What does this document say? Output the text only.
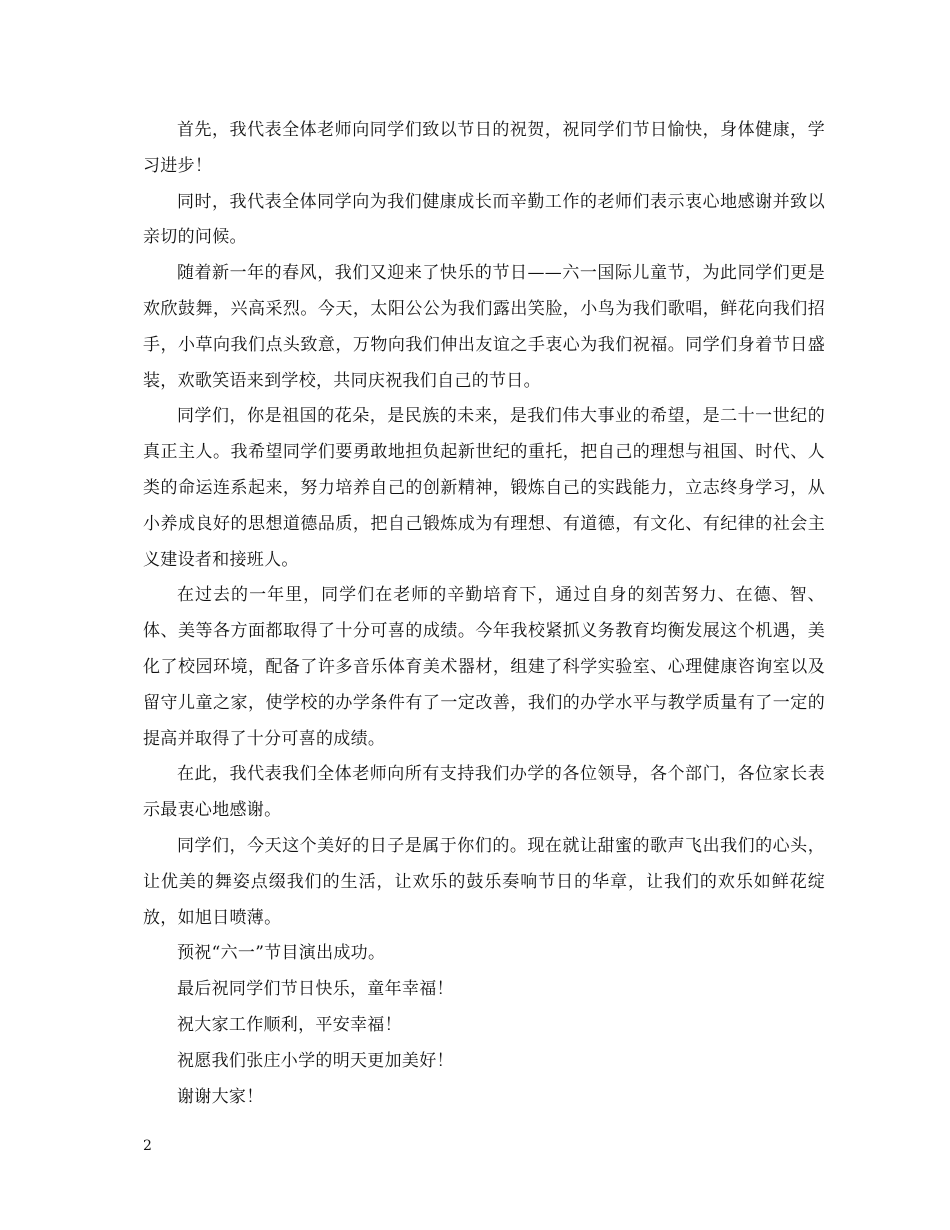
首先，我代表全体老师向同学们致以节日的祝贺，祝同学们节日愉快，身体健康，学习进步！

同时，我代表全体同学向为我们健康成长而辛勤工作的老师们表示衷心地感谢并致以亲切的问候。

随着新一年的春风，我们又迎来了快乐的节日——六一国际儿童节，为此同学们更是欢欣鼓舞，兴高采烈。今天，太阳公公为我们露出笑脸，小鸟为我们歌唱，鲜花向我们招手，小草向我们点头致意，万物向我们伸出友谊之手衷心为我们祝福。同学们身着节日盛装，欢歌笑语来到学校，共同庆祝我们自己的节日。

同学们，你是祖国的花朵，是民族的未来，是我们伟大事业的希望，是二十一世纪的真正主人。我希望同学们要勇敢地担负起新世纪的重托，把自己的理想与祖国、时代、人类的命运连系起来，努力培养自己的创新精神，锻炼自己的实践能力，立志终身学习，从小养成良好的思想道德品质，把自己锻炼成为有理想、有道德，有文化、有纪律的社会主义建设者和接班人。

在过去的一年里，同学们在老师的辛勤培育下，通过自身的刻苦努力、在德、智、体、美等各方面都取得了十分可喜的成绩。今年我校紧抓义务教育均衡发展这个机遇，美化了校园环境，配备了许多音乐体育美术器材，组建了科学实验室、心理健康咨询室以及留守儿童之家，使学校的办学条件有了一定改善，我们的办学水平与教学质量有了一定的提高并取得了十分可喜的成绩。

在此，我代表我们全体老师向所有支持我们办学的各位领导，各个部门，各位家长表示最衷心地感谢。

同学们，今天这个美好的日子是属于你们的。现在就让甜蜜的歌声飞出我们的心头，让优美的舞姿点缀我们的生活，让欢乐的鼓乐奏响节日的华章，让我们的欢乐如鲜花绽放，如旭日喷薄。

预祝“六一”节目演出成功。

最后祝同学们节日快乐，童年幸福！

祝大家工作顺利，平安幸福！

祝愿我们张庄小学的明天更加美好！

谢谢大家！

2
